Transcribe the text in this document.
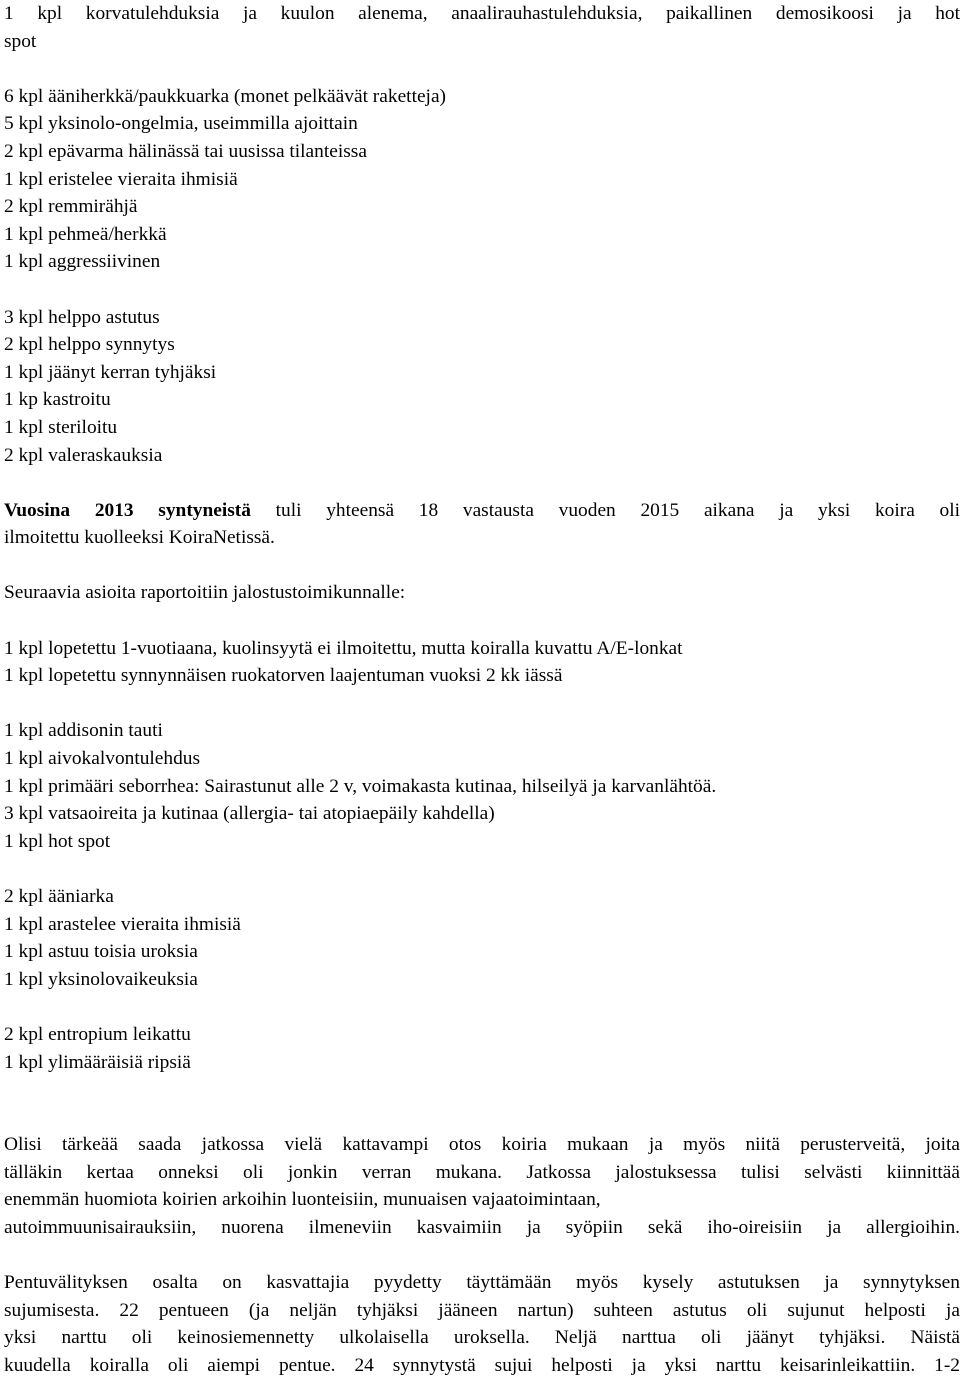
1 kpl korvatulehduksia ja kuulon alenema, anaalirauhastulehduksia, paikallinen demosikoosi ja hot
spot
6 kpl ääniherkkä/paukkuarka (monet pelkäävät raketteja)
5 kpl yksinolo-ongelmia, useimmilla ajoittain
2 kpl epävarma hälinässä tai uusissa tilanteissa
1 kpl eristelee vieraita ihmisiä
2 kpl remmirähjä
1 kpl pehmeä/herkkä
1 kpl aggressiivinen
3 kpl helppo astutus
2 kpl helppo synnytys
1 kpl jäänyt kerran tyhjäksi
1 kp kastroitu
1 kpl steriloitu
2 kpl valeraskauksia
Vuosina 2013 syntyneistä tuli yhteensä 18 vastausta vuoden 2015 aikana ja yksi koira oli
ilmoitettu kuolleeksi KoiraNetissä.
Seuraavia asioita raportoitiin jalostustoimikunnalle:
1 kpl lopetettu 1-vuotiaana, kuolinsyytä ei ilmoitettu, mutta koiralla kuvattu A/E-lonkat
1 kpl lopetettu synnynnäisen ruokatorven laajentuman vuoksi 2 kk iässä
1 kpl addisonin tauti
1 kpl aivokalvontulehdus
1 kpl primääri seborrhea: Sairastunut alle 2 v, voimakasta kutinaa, hilseilyä ja karvanlähtöä.
3 kpl vatsaoireita ja kutinaa (allergia- tai atopiaepäily kahdella)
1 kpl hot spot
2 kpl ääniarka
1 kpl arastelee vieraita ihmisiä
1 kpl astuu toisia uroksia
1 kpl yksinolovaikeuksia
2 kpl entropium leikattu
1 kpl ylimääräisiä ripsiä
Olisi tärkeää saada jatkossa vielä kattavampi otos koiria mukaan ja myös niitä perusterveitä, joita
tälläkin kertaa onneksi oli jonkin verran mukana. Jatkossa jalostuksessa tulisi selvästi kiinnittää
enemmän huomiota koirien arkoihin luonteisiin, munuaisen vajaatoimintaan,
autoimmuunisairauksiin, nuorena ilmeneviin kasvaimiin ja syöpiin sekä iho-oireisiin ja allergioihin.
Pentuvälityksen osalta on kasvattajia pyydetty täyttämään myös kysely astutuksen ja synnytyksen
sujumisesta. 22 pentueen (ja neljän tyhjäksi jääneen nartun) suhteen astutus oli sujunut helposti ja
yksi narttu oli keinosiemennetty ulkolaisella uroksella. Neljä narttua oli jäänyt tyhjäksi. Näistä
kuudella koiralla oli aiempi pentue. 24 synnytystä sujui helposti ja yksi narttu keisarinleikattiin. 1-2
